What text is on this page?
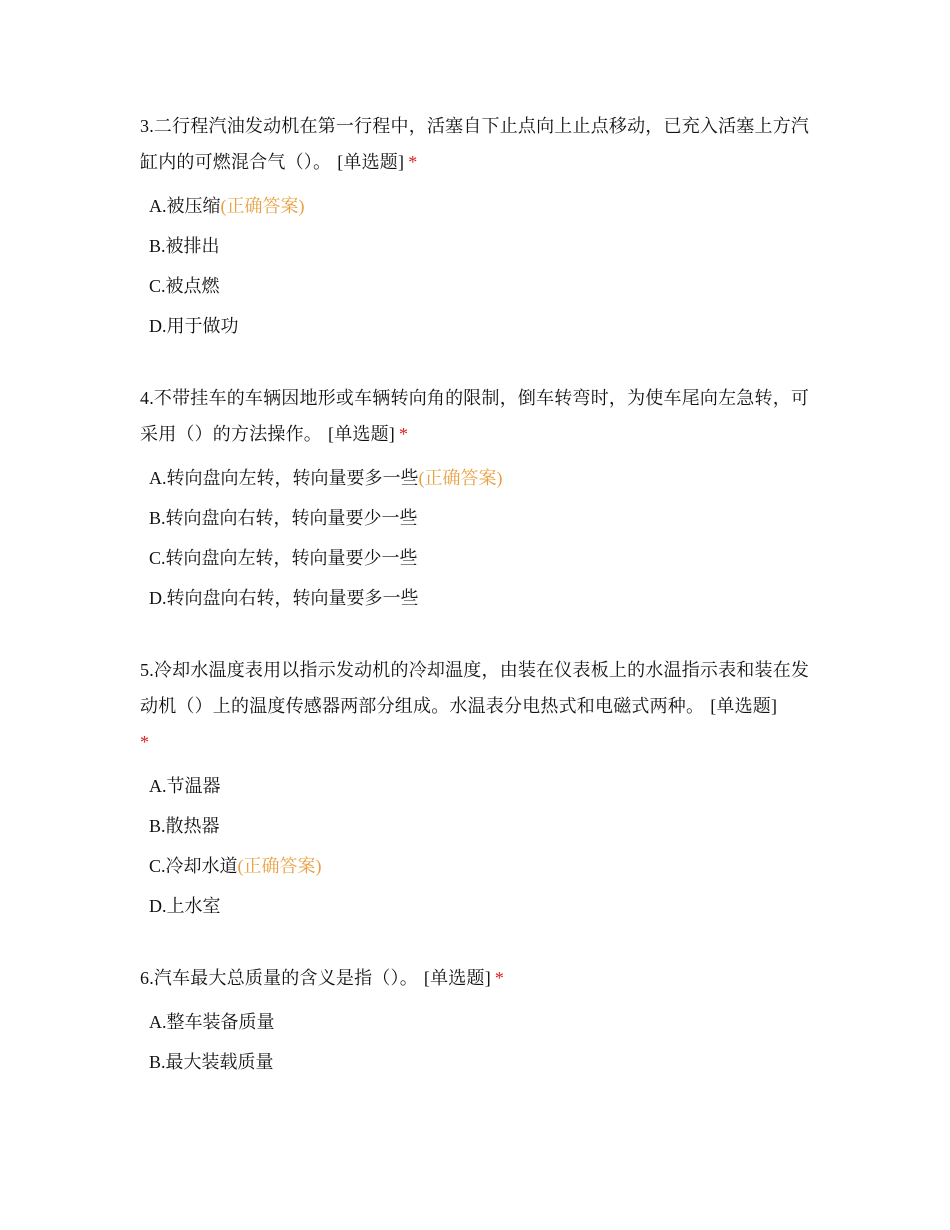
3.二行程汽油发动机在第一行程中，活塞自下止点向上止点移动，已充入活塞上方汽缸内的可燃混合气（）。 [单选题] *

A.被压缩(正确答案)
B.被排出
C.被点燃
D.用于做功

4.不带挂车的车辆因地形或车辆转向角的限制，倒车转弯时，为使车尾向左急转，可采用（）的方法操作。 [单选题] *

A.转向盘向左转，转向量要多一些(正确答案)
B.转向盘向右转，转向量要少一些
C.转向盘向左转，转向量要少一些
D.转向盘向右转，转向量要多一些

5.冷却水温度表用以指示发动机的冷却温度，由装在仪表板上的水温指示表和装在发动机（）上的温度传感器两部分组成。水温表分电热式和电磁式两种。 [单选题]
*

A.节温器
B.散热器
C.冷却水道(正确答案)
D.上水室

6.汽车最大总质量的含义是指（）。 [单选题] *

A.整车装备质量
B.最大装载质量
